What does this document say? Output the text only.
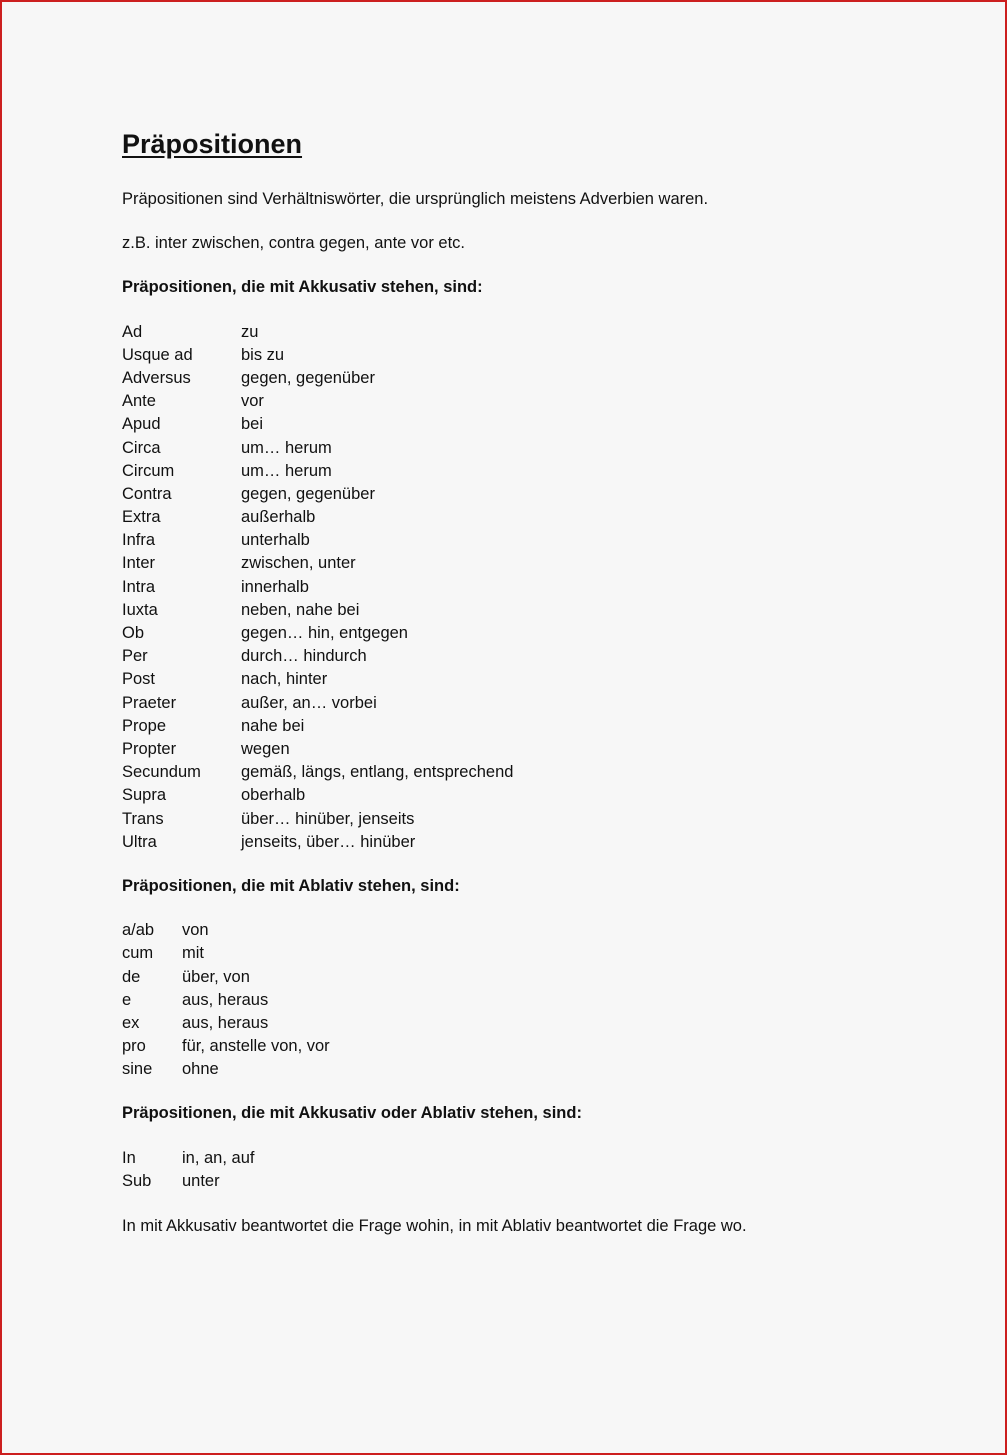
Präpositionen

Präpositionen sind Verhältniswörter, die ursprünglich meistens Adverbien waren.

z.B. inter zwischen, contra gegen, ante vor etc.

Präpositionen, die mit Akkusativ stehen, sind:

Ad	zu
Usque ad	bis zu
Adversus	gegen, gegenüber
Ante	vor
Apud	bei
Circa	um… herum
Circum	um… herum
Contra	gegen, gegenüber
Extra	außerhalb
Infra	unterhalb
Inter	zwischen, unter
Intra	innerhalb
Iuxta	neben, nahe bei
Ob	gegen… hin, entgegen
Per	durch… hindurch
Post	nach, hinter
Praeter	außer, an… vorbei
Prope	nahe bei
Propter	wegen
Secundum	gemäß, längs, entlang, entsprechend
Supra	oberhalb
Trans	über… hinüber, jenseits
Ultra	jenseits, über… hinüber

Präpositionen, die mit Ablativ stehen, sind:

a/ab	von
cum	mit
de	über, von
e	aus, heraus
ex	aus, heraus
pro	für, anstelle von, vor
sine	ohne

Präpositionen, die mit Akkusativ oder Ablativ stehen, sind:

In	in, an, auf
Sub	unter

In mit Akkusativ beantwortet die Frage wohin, in mit Ablativ beantwortet die Frage wo.
